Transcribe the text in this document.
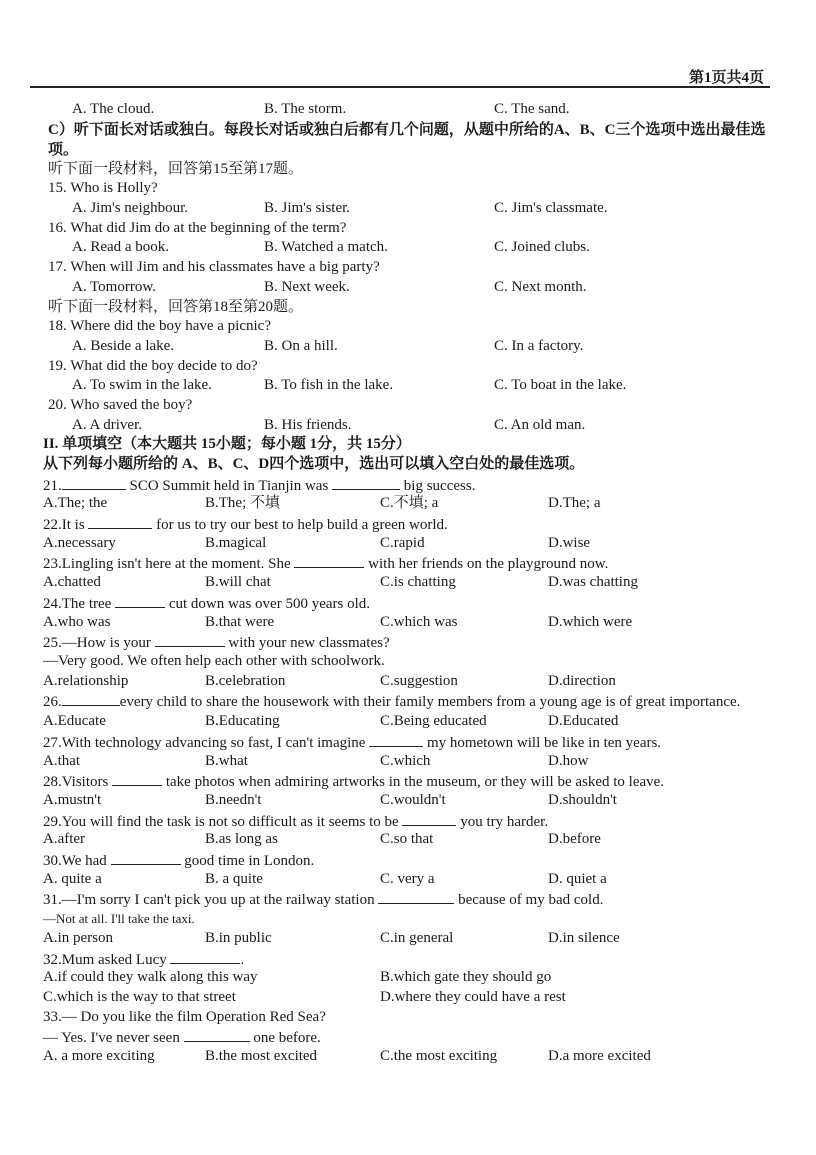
第1页共4页
A. The cloud.	B. The storm.	C. The sand.
C）听下面长对话或独白。每段长对话或独白后都有几个问题，从题中所给的A、B、C三个选项中选出最佳选项。
听下面一段材料，回答第15至第17题。
15. Who is Holly?
A. Jim's neighbour.	B. Jim's sister.	C. Jim's classmate.
16. What did Jim do at the beginning of the term?
A. Read a book.	B. Watched a match.	C. Joined clubs.
17. When will Jim and his classmates have a big party?
A. Tomorrow.	B. Next week.	C. Next month.
听下面一段材料，回答第18至第20题。
18. Where did the boy have a picnic?
A. Beside a lake.	B. On a hill.	C. In a factory.
19. What did the boy decide to do?
A. To swim in the lake.	B. To fish in the lake.	C. To boat in the lake.
20. Who saved the boy?
A. A driver.	B. His friends.	C. An old man.
II. 单项填空（本大题共 15小题；每小题 1分，共 15分）
从下列每小题所给的 A、B、C、D四个选项中，选出可以填入空白处的最佳选项。
21.	SCO Summit held in Tianjin was	big success.
A.The; the	B.The; 不填	C.不填; a	D.The; a
22.It is	for us to try our best to help build a green world.
A.necessary	B.magical	C.rapid	D.wise
23.Lingling isn't here at the moment. She	with her friends on the playground now.
A.chatted	B.will chat	C.is chatting	D.was chatting
24.The tree	cut down was over 500 years old.
A.who was	B.that were	C.which was	D.which were
25.—How is your	with your new classmates?
—Very good. We often help each other with schoolwork.
A.relationship	B.celebration	C.suggestion	D.direction
26.	every child to share the housework with their family members from a young age is of great importance.
A.Educate	B.Educating	C.Being educated	D.Educated
27.With technology advancing so fast, I can't imagine	my hometown will be like in ten years.
A.that	B.what	C.which	D.how
28.Visitors	take photos when admiring artworks in the museum, or they will be asked to leave.
A.mustn't	B.needn't	C.wouldn't	D.shouldn't
29.You will find the task is not so difficult as it seems to be	you try harder.
A.after	B.as long as	C.so that	D.before
30.We had	good time in London.
A. quite a	B. a quite	C. very a	D. quiet a
31.—I'm sorry I can't pick you up at the railway station	because of my bad cold.
—Not at all. I'll take the taxi.
A.in person	B.in public	C.in general	D.in silence
32.Mum asked Lucy	.
A.if could they walk along this way	B.which gate they should go
C.which is the way to that street	D.where they could have a rest
33.— Do you like the film Operation Red Sea?
— Yes. I've never seen	one before.
A. a more exciting	B.the most excited	C.the most exciting	D.a more excited
